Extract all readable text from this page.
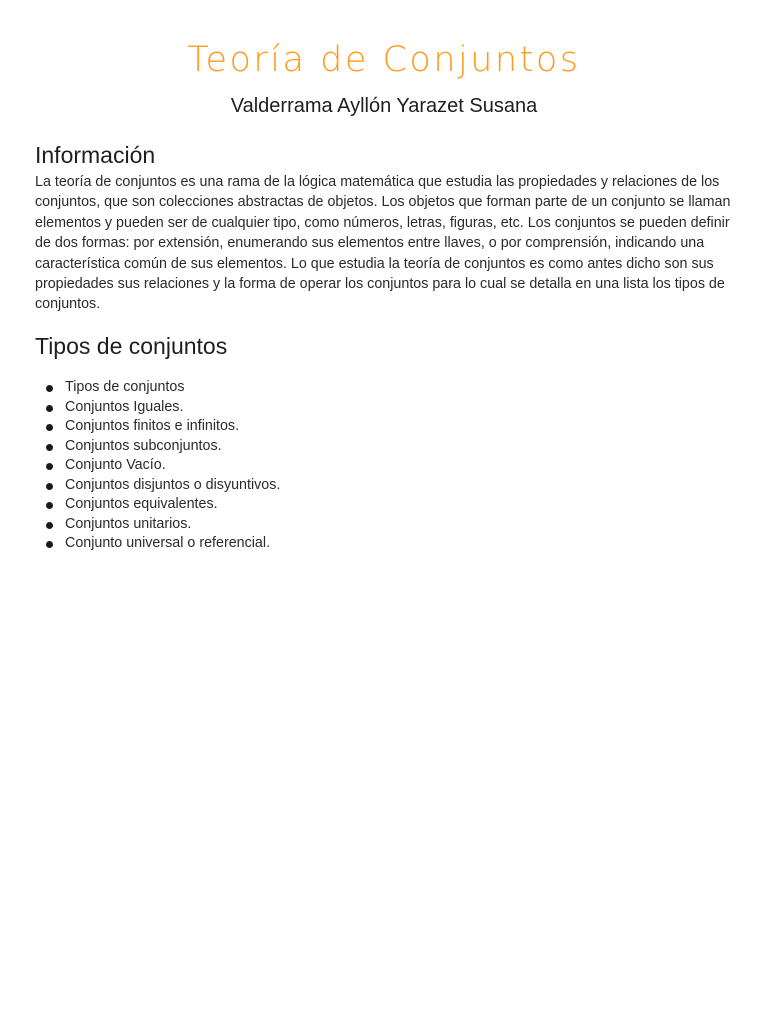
Teoría de Conjuntos
Valderrama Ayllón Yarazet Susana
Información

La teoría de conjuntos es una rama de la lógica matemática que estudia las propiedades y relaciones de los conjuntos, que son colecciones abstractas de objetos. Los objetos que forman parte de un conjunto se llaman elementos y pueden ser de cualquier tipo, como números, letras, figuras, etc. Los conjuntos se pueden definir de dos formas: por extensión, enumerando sus elementos entre llaves, o por comprensión, indicando una característica común de sus elementos. Lo que estudia la teoría de conjuntos es como antes dicho son sus propiedades sus relaciones y la forma de operar los conjuntos para lo cual se detalla en una lista los tipos de conjuntos.

Tipos de conjuntos
Tipos de conjuntos
Conjuntos Iguales.
Conjuntos finitos e infinitos.
Conjuntos subconjuntos.
Conjunto Vacío.
Conjuntos disjuntos o disyuntivos.
Conjuntos equivalentes.
Conjuntos unitarios.
Conjunto universal o referencial.
